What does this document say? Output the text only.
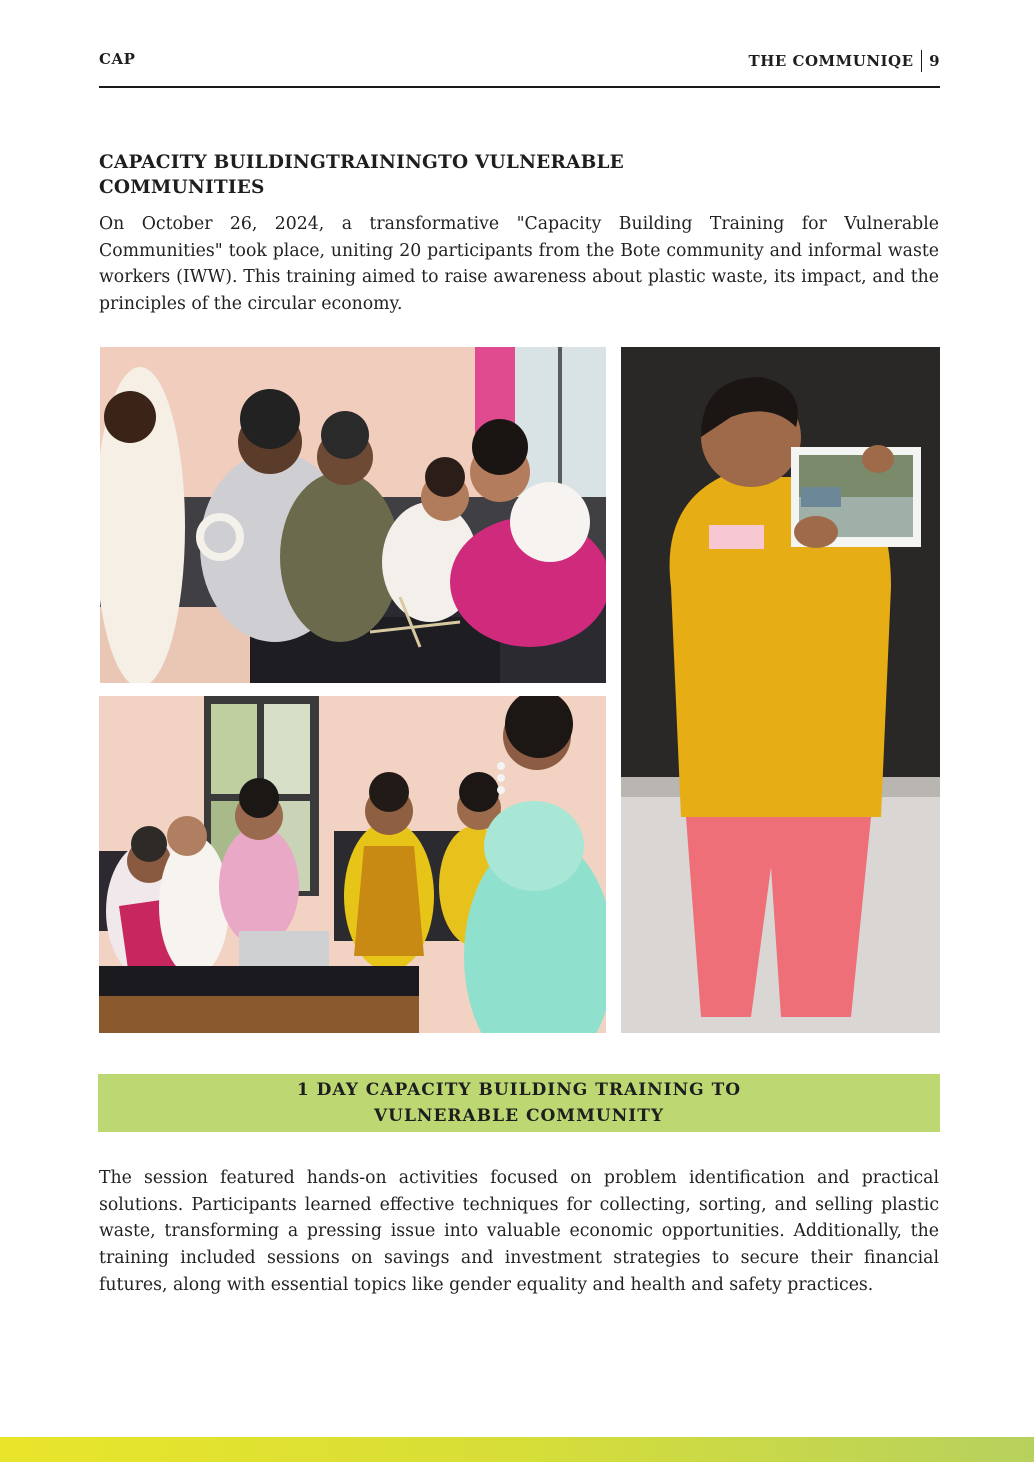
CAP	THE COMMUNIQE 9
CAPACITY BUILDINGTRAININGTO VULNERABLE
COMMUNITIES

On October 26, 2024, a transformative "Capacity Building Training for Vulnerable Communities" took place, uniting 20 participants from the Bote community and informal waste workers (IWW). This training aimed to raise awareness about plastic waste, its impact, and the principles of the circular economy.

1 DAY CAPACITY BUILDING TRAINING TO
VULNERABLE COMMUNITY

The session featured hands-on activities focused on problem identification and practical solutions. Participants learned effective techniques for collecting, sorting, and selling plastic waste, transforming a pressing issue into valuable economic opportunities. Additionally, the training included sessions on savings and investment strategies to secure their financial futures, along with essential topics like gender equality and health and safety practices.
